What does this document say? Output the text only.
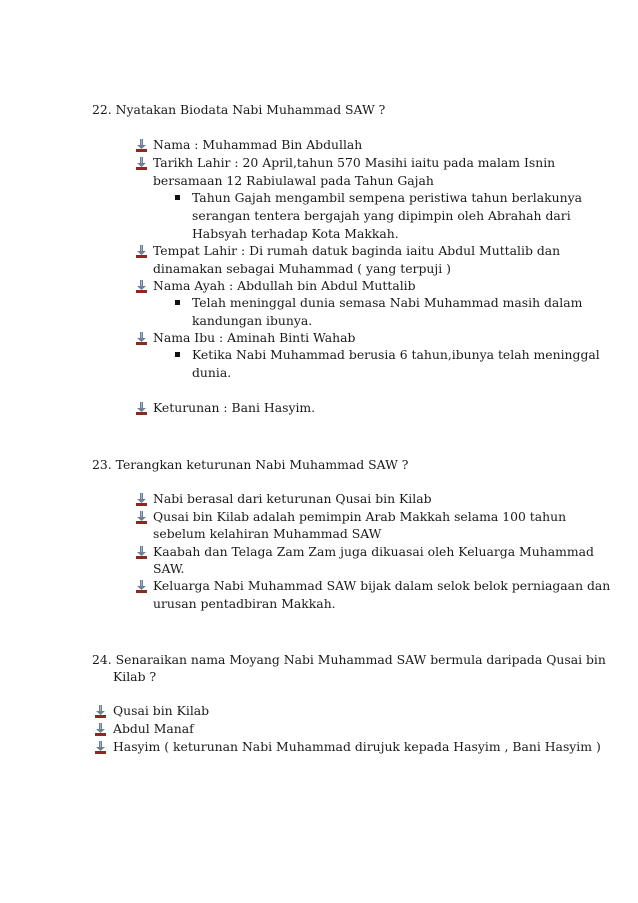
22. Nyatakan Biodata Nabi Muhammad SAW ?
Nama : Muhammad Bin Abdullah
Tarikh Lahir : 20 April,tahun 570 Masihi iaitu pada malam Isnin
bersamaan 12 Rabiulawal pada Tahun Gajah
Tahun Gajah mengambil sempena peristiwa tahun berlakunya
serangan tentera bergajah yang dipimpin oleh Abrahah dari
Habsyah terhadap Kota Makkah.
Tempat Lahir : Di rumah datuk baginda iaitu Abdul Muttalib dan
dinamakan sebagai Muhammad ( yang terpuji )
Nama Ayah : Abdullah bin Abdul Muttalib
Telah meninggal dunia semasa Nabi Muhammad masih dalam
kandungan ibunya.
Nama Ibu : Aminah Binti Wahab
Ketika Nabi Muhammad berusia 6 tahun,ibunya telah meninggal
dunia.
Keturunan : Bani Hasyim.
23. Terangkan keturunan Nabi Muhammad SAW ?
Nabi berasal dari keturunan Qusai bin Kilab
Qusai bin Kilab adalah pemimpin Arab Makkah selama 100 tahun
sebelum kelahiran Muhammad SAW
Kaabah dan Telaga Zam Zam juga dikuasai oleh Keluarga Muhammad
SAW.
Keluarga Nabi Muhammad SAW bijak dalam selok belok perniagaan dan
urusan pentadbiran Makkah.
24. Senaraikan nama Moyang Nabi Muhammad SAW bermula daripada Qusai bin
Kilab ?
Qusai bin Kilab
Abdul Manaf
Hasyim ( keturunan Nabi Muhammad dirujuk kepada Hasyim , Bani Hasyim )
